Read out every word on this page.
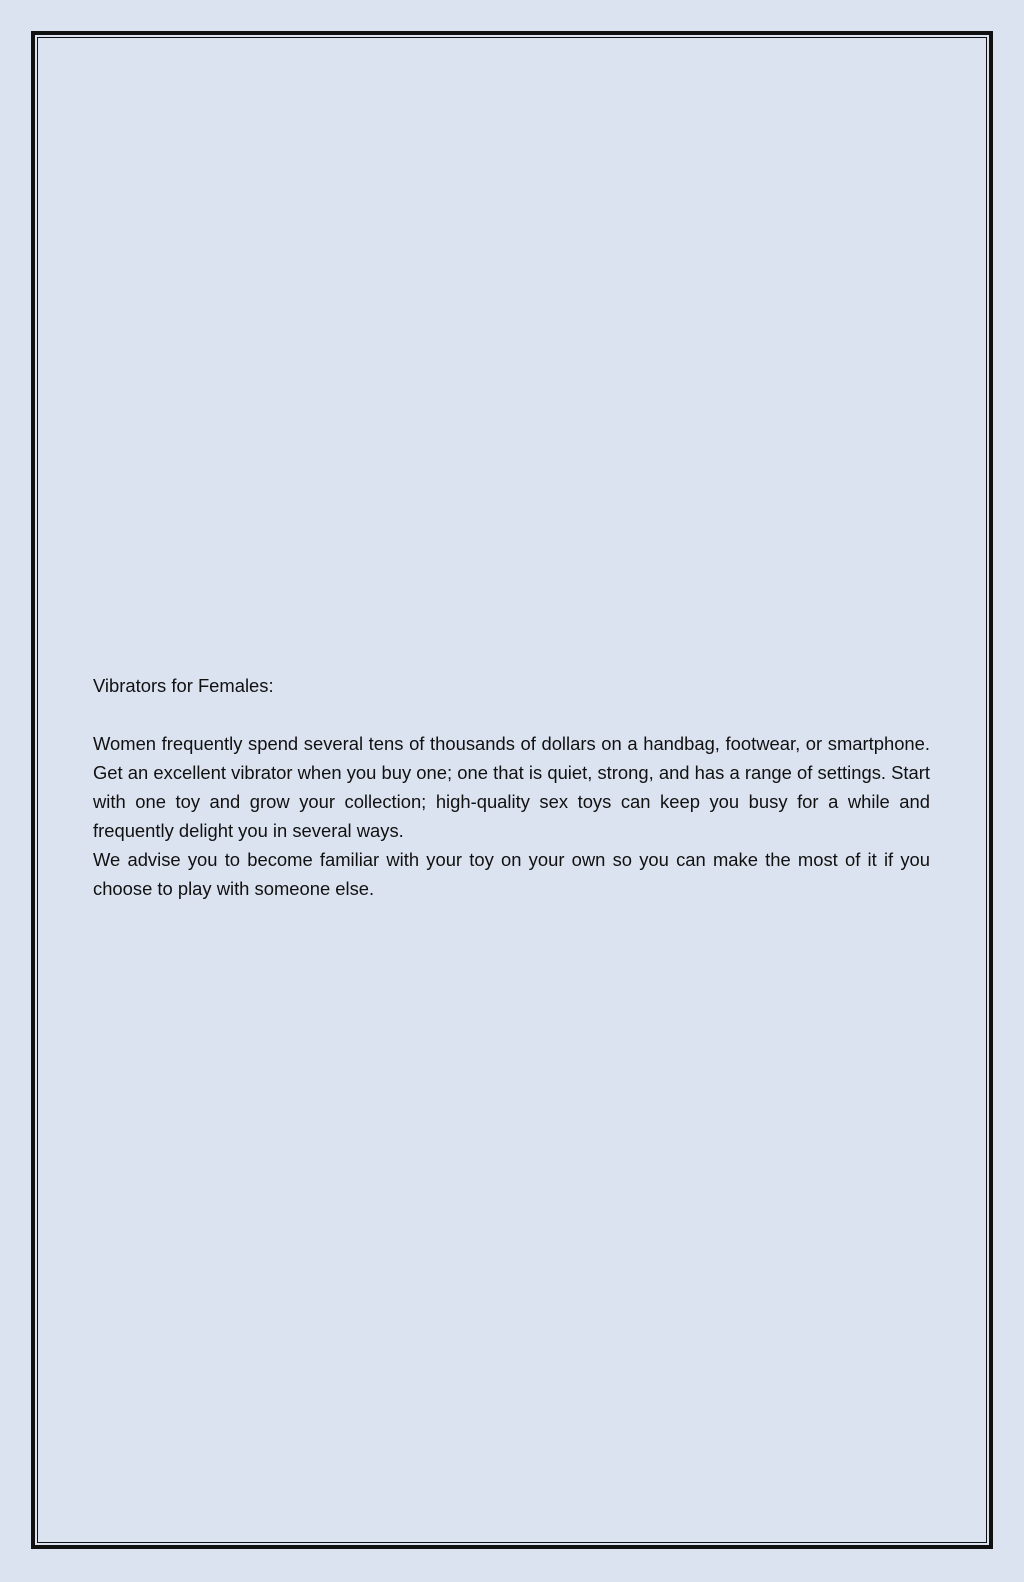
Vibrators for Females:

Women frequently spend several tens of thousands of dollars on a handbag, footwear, or smartphone. Get an excellent vibrator when you buy one; one that is quiet, strong, and has a range of settings. Start with one toy and grow your collection; high-quality sex toys can keep you busy for a while and frequently delight you in several ways.

We advise you to become familiar with your toy on your own so you can make the most of it if you choose to play with someone else.
